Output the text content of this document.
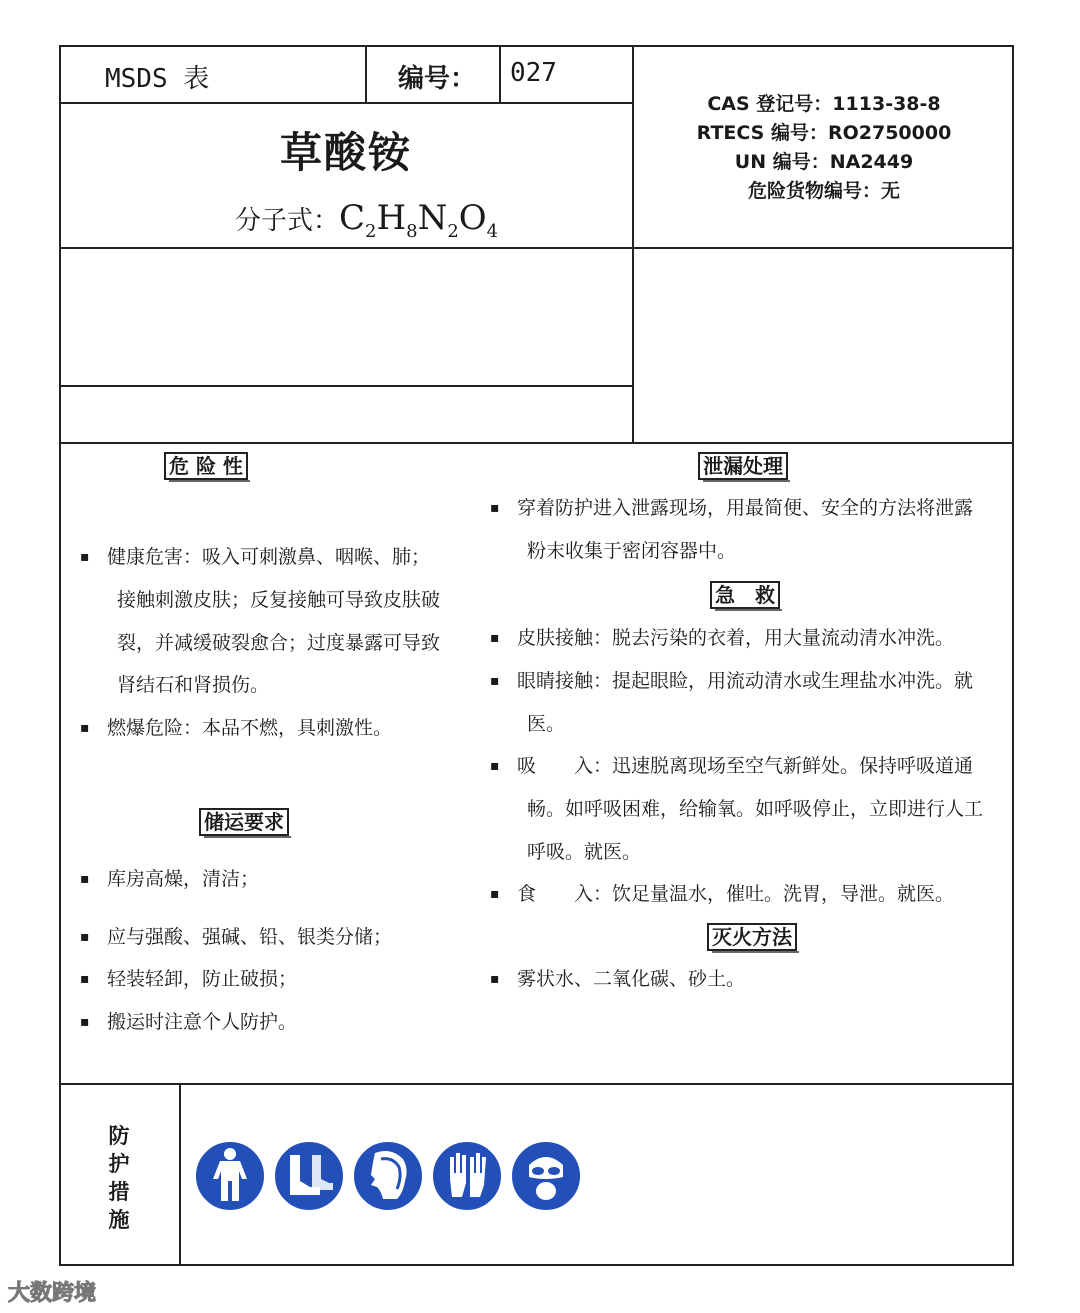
MSDS 表	编号： 027
草酸铵
分子式：$C_2H_8N_2O_4$
CAS 登记号：1113-38-8
RTECS 编号：RO2750000
UN 编号：NA2449
危险货物编号：无
危 险 性
▪ 健康危害：吸入可刺激鼻、咽喉、肺；
接触刺激皮肤；反复接触可导致皮肤破
裂，并减缓破裂愈合；过度暴露可导致
肾结石和肾损伤。
▪ 燃爆危险：本品不燃，具刺激性。
储运要求
▪ 库房高燥，清洁；
▪ 应与强酸、强碱、铅、银类分储；
▪ 轻装轻卸，防止破损；
▪ 搬运时注意个人防护。
泄漏处理
▪ 穿着防护进入泄露现场，用最简便、安全的方法将泄露
粉末收集于密闭容器中。
急　救
▪ 皮肤接触：脱去污染的衣着，用大量流动清水冲洗。
▪ 眼睛接触：提起眼睑，用流动清水或生理盐水冲洗。就
医。
▪ 吸　　入：迅速脱离现场至空气新鲜处。保持呼吸道通
畅。如呼吸困难，给输氧。如呼吸停止，立即进行人工
呼吸。就医。
▪ 食　　入：饮足量温水，催吐。洗胃，导泄。就医。
灭火方法
▪ 雾状水、二氧化碳、砂土。
防
护
措
施
大数跨境
